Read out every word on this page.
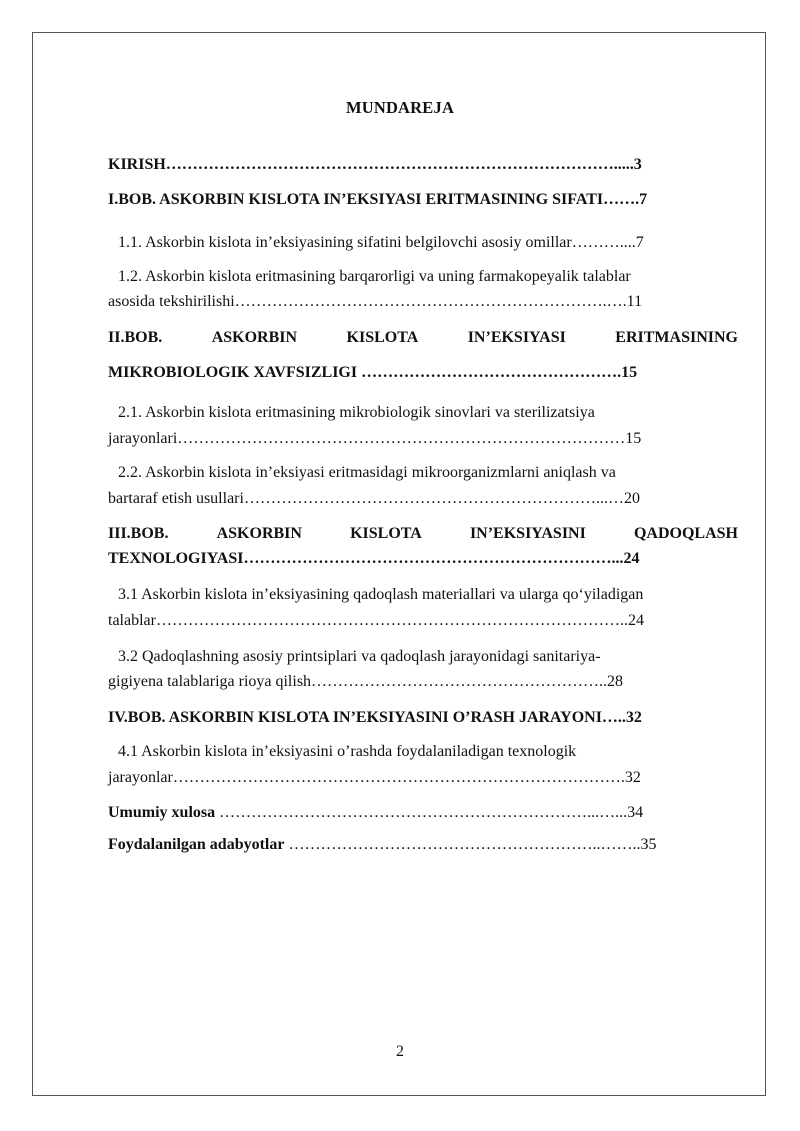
MUNDAREJA
KIRISH………………………………………………………………………….....3
I.BOB. ASKORBIN KISLOTA IN’EKSIYASI ERITMASINING SIFATI…….7
1.1. Askorbin kislota in’eksiyasining sifatini belgilovchi asosiy omillar………....7
1.2. Askorbin kislota eritmasining barqarorligi va uning farmakopeyalik talablar
asosida tekshirilishi…………………………………………………………….….11
II.BOB.	ASKORBIN	KISLOTA	IN’EKSIYASI	ERITMASINING
MIKROBIOLOGIK XAVFSIZLIGI ………………………………………….15
2.1. Askorbin kislota eritmasining mikrobiologik sinovlari va sterilizatsiya
jarayonlari…………………………………………………………………………15
2.2. Askorbin kislota in’eksiyasi eritmasidagi mikroorganizmlarni aniqlash va
bartaraf etish usullari…………………………………………………………...…20
III.BOB.	ASKORBIN	KISLOTA	IN’EKSIYASINI	QADOQLASH
TEXNOLOGIYASI……………………………………………………………...24
3.1 Askorbin kislota in’eksiyasining qadoqlash materiallari va ularga qo‘yiladigan
talablar……………………………………………………………………………..24
3.2 Qadoqlashning asosiy printsiplari va qadoqlash jarayonidagi sanitariya-
gigiyena talablariga rioya qilish………………………………………………..28
IV.BOB. ASKORBIN KISLOTA IN’EKSIYASINI O’RASH JARAYONI…..32
4.1 Askorbin kislota in’eksiyasini o’rashda foydalaniladigan texnologik
jarayonlar………………………………………………………………………….32
Umumiy xulosa ……………………………………………………………...…...34
Foydalanilgan adabyotlar …………………………………………………..……..35
2
